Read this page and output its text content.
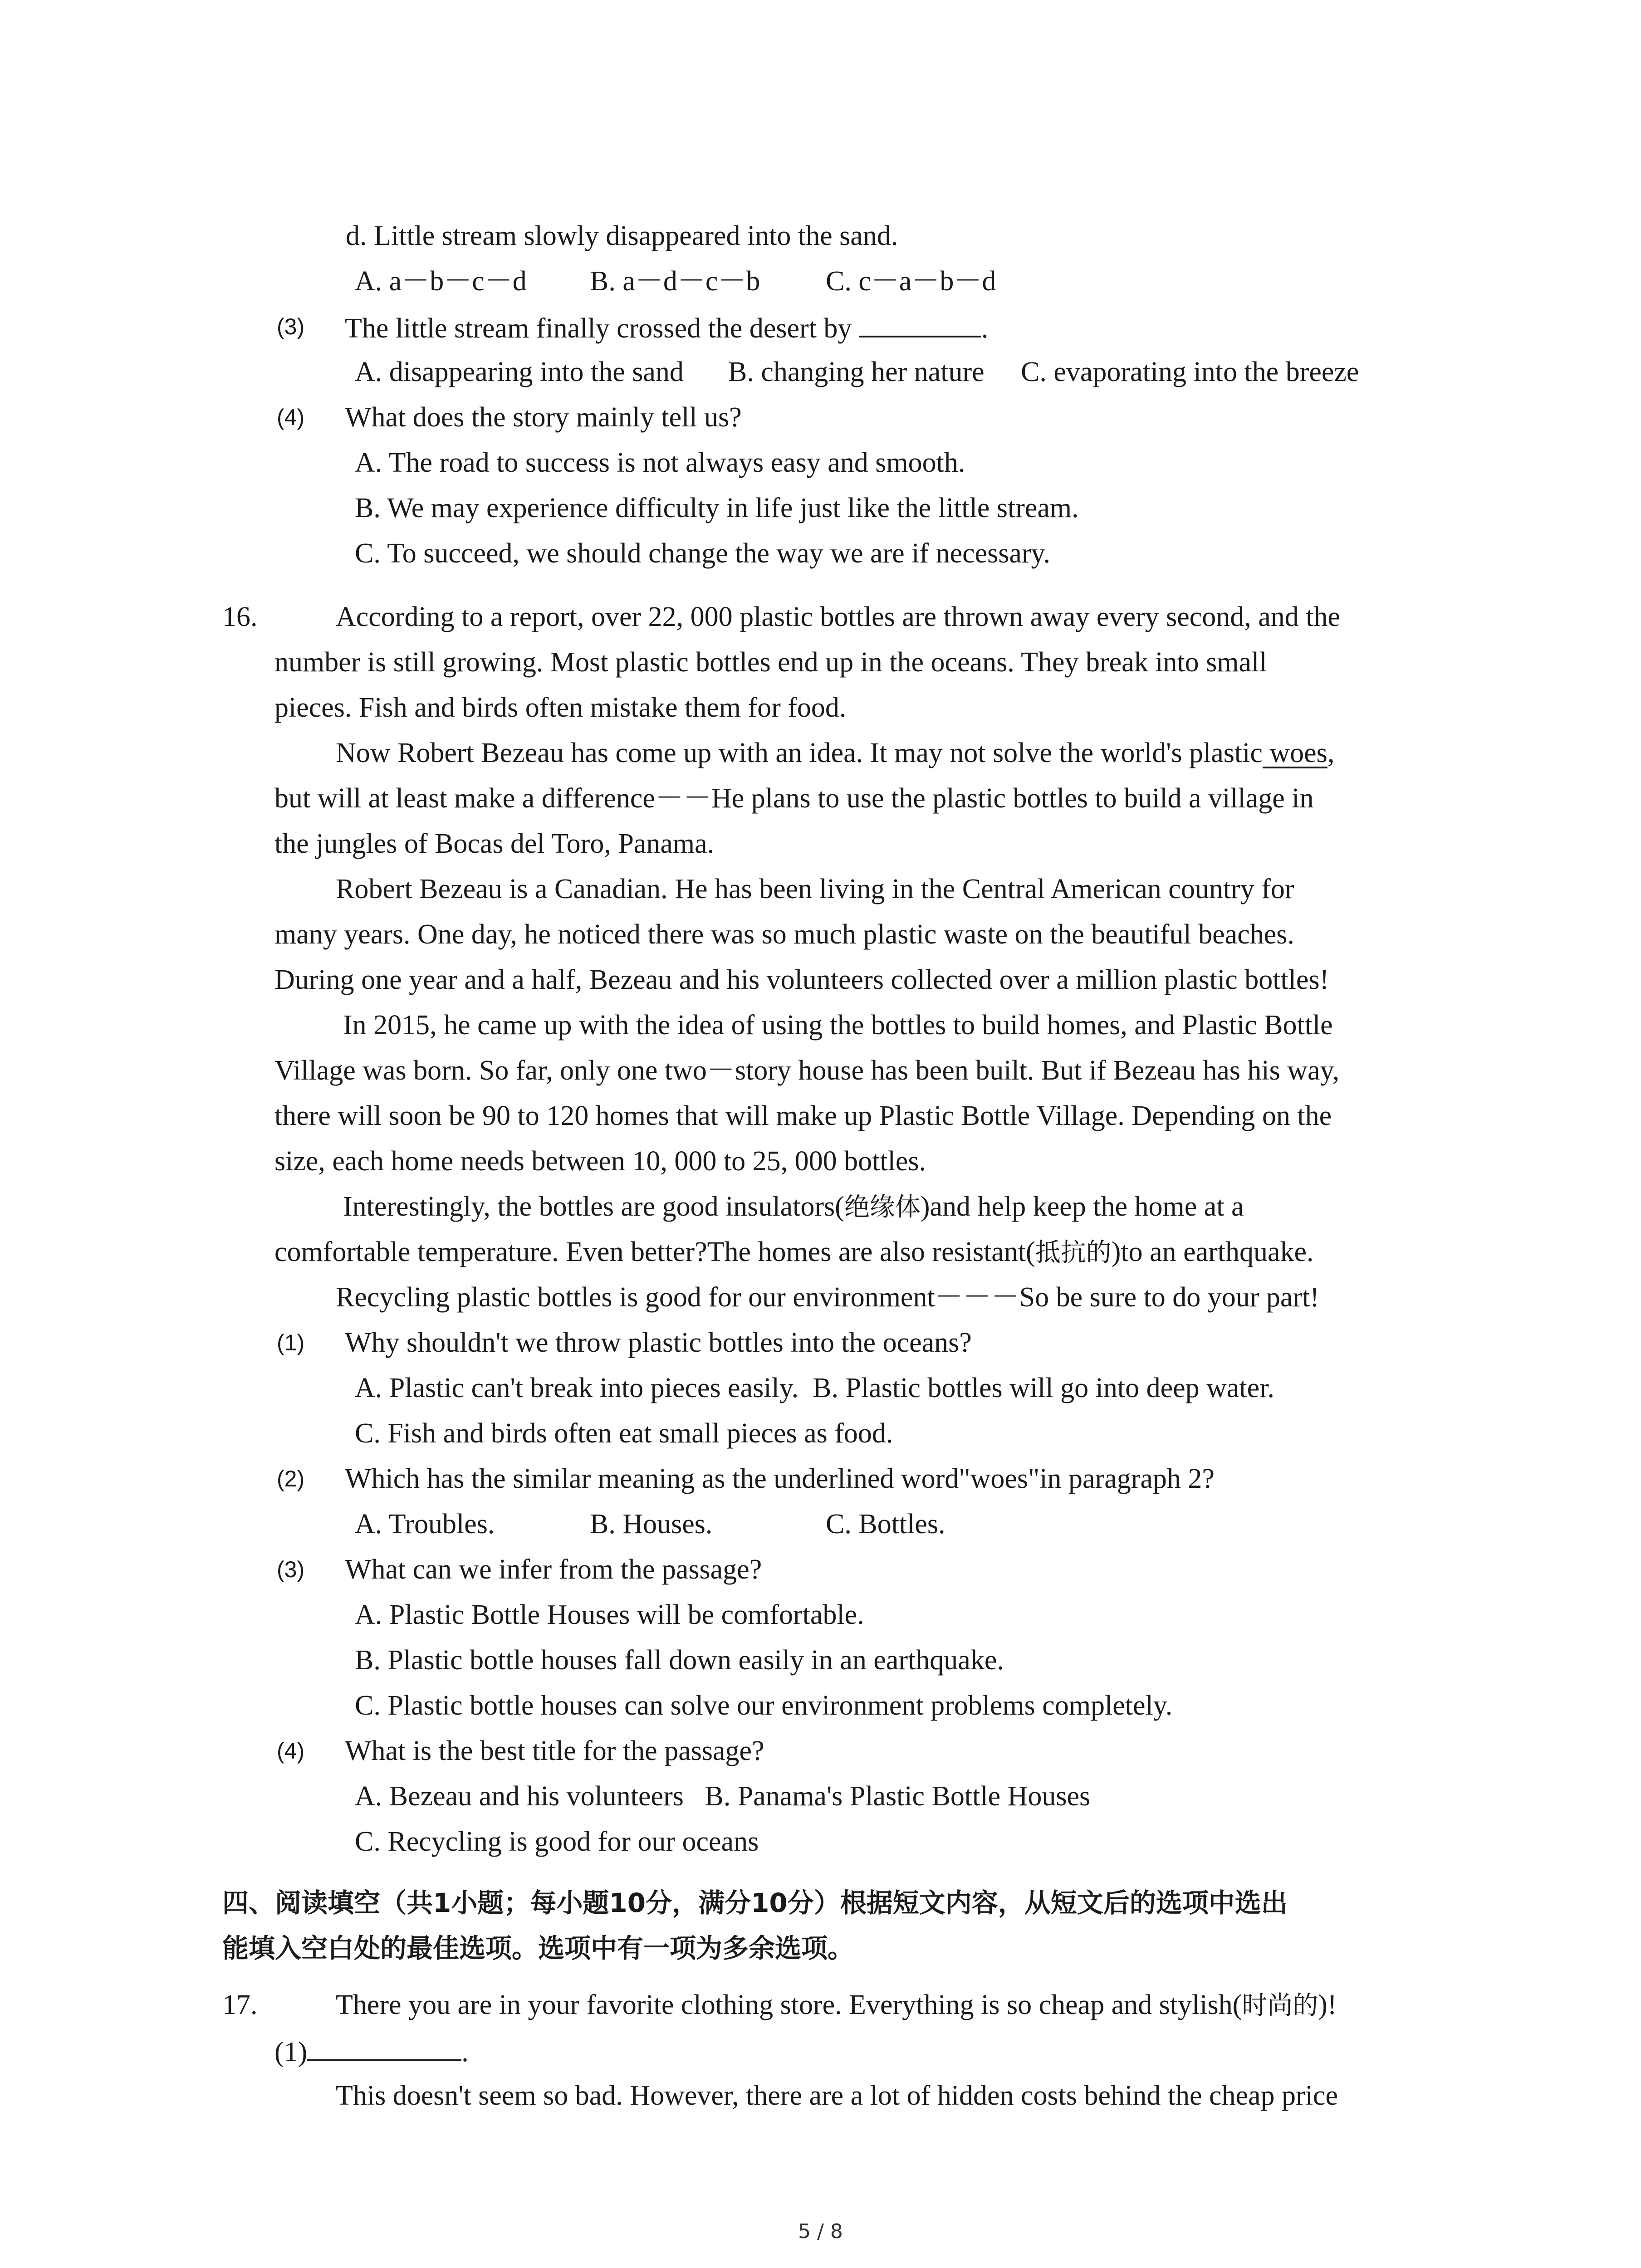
d. Little stream slowly disappeared into the sand.
A. a－b－c－d B. a－d－c－b C. c－a－b－d
(3) The little stream finally crossed the desert by	.
A. disappearing into the sand B. changing her nature C. evaporating into the breeze
(4) What does the story mainly tell us?
A. The road to success is not always easy and smooth.
B. We may experience difficulty in life just like the little stream.
C. To succeed, we should change the way we are if necessary.
16.	According to a report, over 22, 000 plastic bottles are thrown away every second, and the
number is still growing. Most plastic bottles end up in the oceans. They break into small
pieces. Fish and birds often mistake them for food.
Now Robert Bezeau has come up with an idea. It may not solve the world's plastic woes,
but will at least make a difference－－He plans to use the plastic bottles to build a village in
the jungles of Bocas del Toro, Panama.
Robert Bezeau is a Canadian. He has been living in the Central American country for
many years. One day, he noticed there was so much plastic waste on the beautiful beaches.
During one year and a half, Bezeau and his volunteers collected over a million plastic bottles!
In 2015, he came up with the idea of using the bottles to build homes, and Plastic Bottle
Village was born. So far, only one two－story house has been built. But if Bezeau has his way,
there will soon be 90 to 120 homes that will make up Plastic Bottle Village. Depending on the
size, each home needs between 10, 000 to 25, 000 bottles.
Interestingly, the bottles are good insulators(绝缘体)and help keep the home at a
comfortable temperature. Even better?The homes are also resistant(抵抗的)to an earthquake.
Recycling plastic bottles is good for our environment－－－So be sure to do your part!
(1) Why shouldn't we throw plastic bottles into the oceans?
A. Plastic can't break into pieces easily.  B. Plastic bottles will go into deep water.
C. Fish and birds often eat small pieces as food.
(2) Which has the similar meaning as the underlined word"woes"in paragraph 2?
A. Troubles.	B. Houses.	C. Bottles.
(3) What can we infer from the passage?
A. Plastic Bottle Houses will be comfortable.
B. Plastic bottle houses fall down easily in an earthquake.
C. Plastic bottle houses can solve our environment problems completely.
(4) What is the best title for the passage?
A. Bezeau and his volunteers   B. Panama's Plastic Bottle Houses
C. Recycling is good for our oceans
四、阅读填空（共1小题；每小题10分，满分10分）根据短文内容，从短文后的选项中选出
能填入空白处的最佳选项。选项中有一项为多余选项。
17.	There you are in your favorite clothing store. Everything is so cheap and stylish(时尚的)!
(1)	.
This doesn't seem so bad. However, there are a lot of hidden costs behind the cheap price
5 / 8
